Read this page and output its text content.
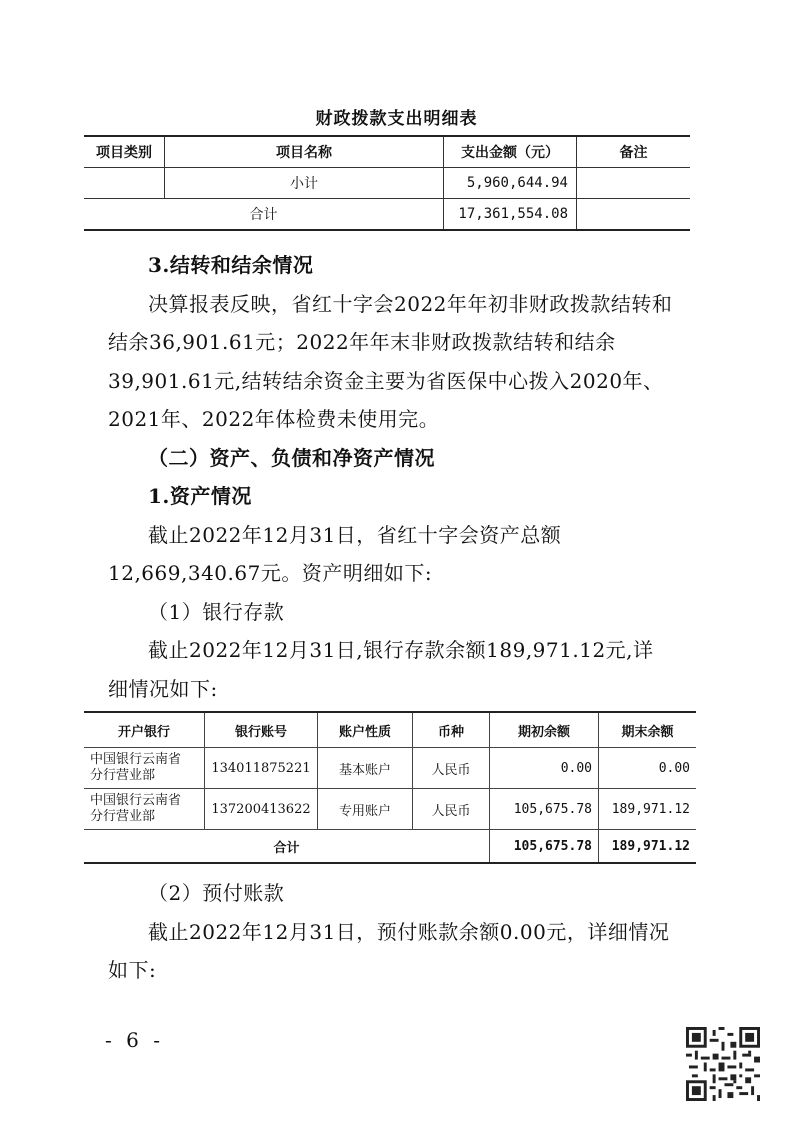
财政拨款支出明细表
项目类别	项目名称	支出金额（元）	备注
	小计	5,960,644.94	
合计		17,361,554.08	

3.结转和结余情况

决算报表反映，省红十字会2022年年初非财政拨款结转和结余36,901.61元；2022年年末非财政拨款结转和结余39,901.61元,结转结余资金主要为省医保中心拨入2020年、2021年、2022年体检费未使用完。

（二）资产、负债和净资产情况

1.资产情况

截止2022年12月31日，省红十字会资产总额12,669,340.67元。资产明细如下:

（1）银行存款

截止2022年12月31日,银行存款余额189,971.12元,详细情况如下:

开户银行	银行账号	账户性质	币种	期初余额	期末余额

中国银行云南省
分行营业部	134011875221	基本账户	人民币	0.00	0.00

中国银行云南省
分行营业部	137200413622	专用账户	人民币	105,675.78	189,971.12
合计				105,675.78	189,971.12

（2）预付账款

截止2022年12月31日，预付账款余额0.00元，详细情况如下:

- 6 -
